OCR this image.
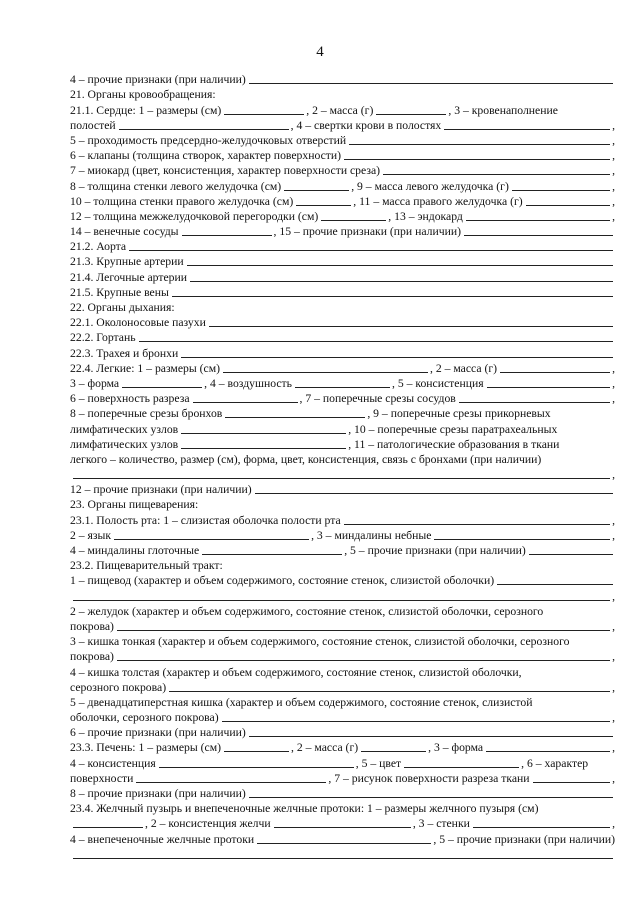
4
4 – прочие признаки (при наличии)
21. Органы кровообращения:
21.1. Сердце: 1 – размеры (см)	, 2 – масса (г)	, 3 – кровенаполнение
полостей	, 4 – свертки крови в полостях	,
5 – проходимость предсердно-желудочковых отверстий	,
6 – клапаны (толщина створок, характер поверхности)	,
7 – миокард (цвет, консистенция, характер поверхности среза)	,
8 – толщина стенки левого желудочка (см)	, 9 – масса левого желудочка (г)	,
10 – толщина стенки правого желудочка (см)	, 11 – масса правого желудочка (г)	,
12 – толщина межжелудочковой перегородки (см)	, 13 – эндокард	,
14 – венечные сосуды	, 15 – прочие признаки (при наличии)
21.2. Аорта
21.3. Крупные артерии
21.4. Легочные артерии
21.5. Крупные вены
22. Органы дыхания:
22.1. Околоносовые пазухи
22.2. Гортань
22.3. Трахея и бронхи
22.4. Легкие: 1 – размеры (см)	, 2 – масса (г)	,
3 – форма	, 4 – воздушность	, 5 – консистенция	,
6 – поверхность разреза	, 7 – поперечные срезы сосудов	,
8 – поперечные срезы бронхов	, 9 – поперечные срезы прикорневых
лимфатических узлов	, 10 – поперечные срезы паратрахеальных
лимфатических узлов	, 11 – патологические образования в ткани
легкого – количество, размер (см), форма, цвет, консистенция, связь с бронхами (при наличии)
,
12 – прочие признаки (при наличии)
23. Органы пищеварения:
23.1. Полость рта: 1 – слизистая оболочка полости рта	,
2 – язык	, 3 – миндалины небные	,
4 – миндалины глоточные	, 5 – прочие признаки (при наличии)
23.2. Пищеварительный тракт:
1 – пищевод (характер и объем содержимого, состояние стенок, слизистой оболочки)
,
2 – желудок (характер и объем содержимого, состояние стенок, слизистой оболочки, серозного
покрова)	,
3 – кишка тонкая (характер и объем содержимого, состояние стенок, слизистой оболочки, серозного
покрова)	,
4 – кишка толстая (характер и объем содержимого, состояние стенок, слизистой оболочки,
серозного покрова)	,
5 – двенадцатиперстная кишка (характер и объем содержимого, состояние стенок, слизистой
оболочки, серозного покрова)	,
6 – прочие признаки (при наличии)
23.3. Печень: 1 – размеры (см)	, 2 – масса (г)	, 3 – форма	,
4 – консистенция	, 5 – цвет	, 6 – характер
поверхности	, 7 – рисунок поверхности разреза ткани	,
8 – прочие признаки (при наличии)
23.4. Желчный пузырь и внепеченочные желчные протоки: 1 – размеры желчного пузыря (см)
, 2 – консистенция желчи	, 3 – стенки	,
4 – внепеченочные желчные протоки	, 5 – прочие признаки (при наличии)
